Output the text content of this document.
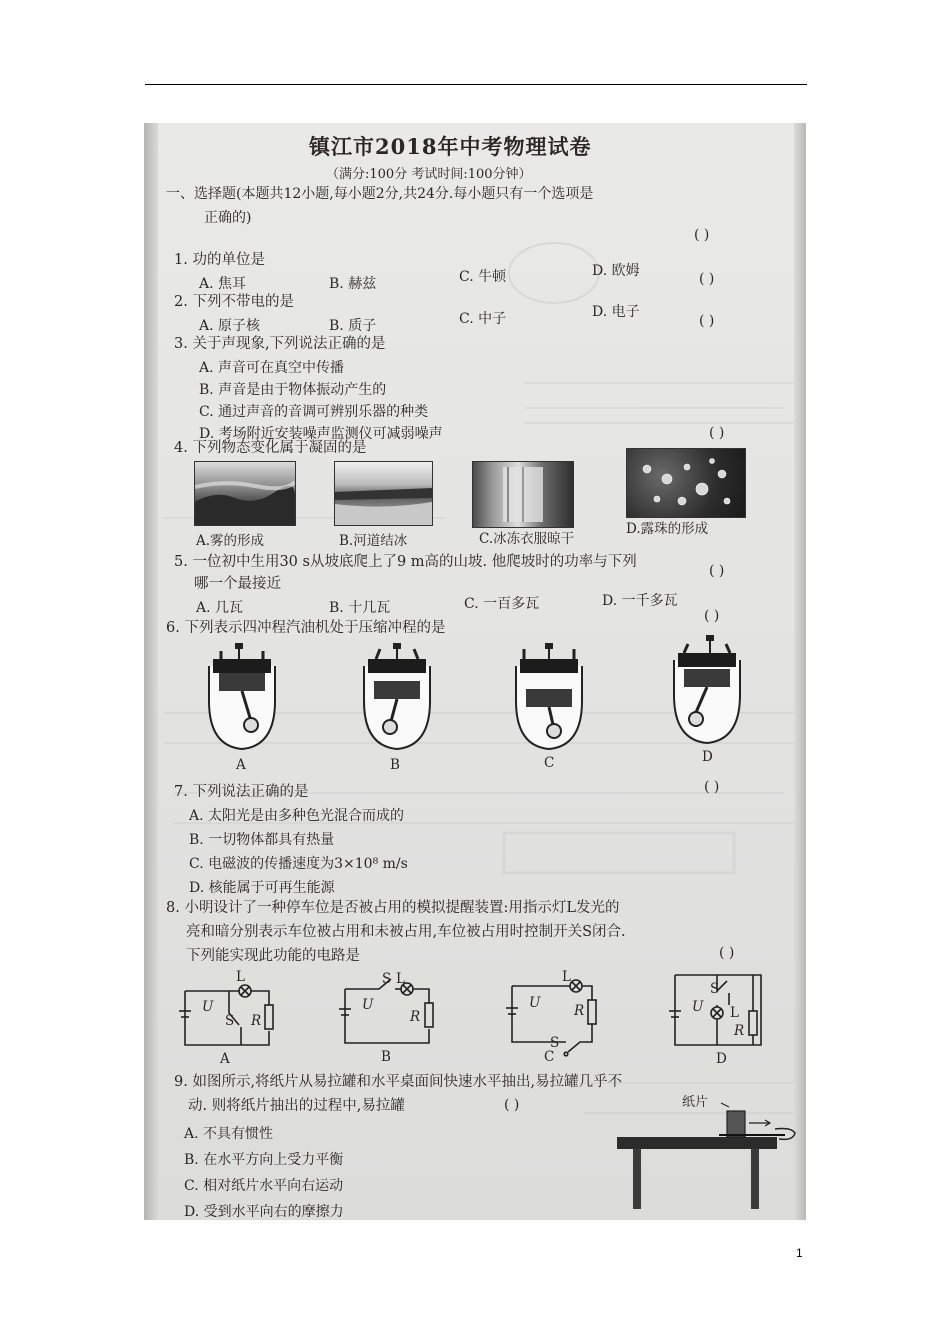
镇江市2018年中考物理试卷
（满分:100分 考试时间:100分钟）
一、选择题(本题共12小题,每小题2分,共24分.每小题只有一个选项是
正确的)
( )
1. 功的单位是
A. 焦耳	B. 赫兹	C. 牛顿	D. 欧姆	( )
2. 下列不带电的是
A. 原子核	B. 质子	C. 中子	D. 电子
( )
3. 关于声现象,下列说法正确的是
A. 声音可在真空中传播
B. 声音是由于物体振动产生的
C. 通过声音的音调可辨别乐器的种类
D. 考场附近安装噪声监测仪可减弱噪声	( )
4. 下列物态变化属于凝固的是
A.雾的形成	B.河道结冰	C.冰冻衣服晾干
D.露珠的形成
5. 一位初中生用30 s从坡底爬上了9 m高的山坡. 他爬坡时的功率与下列
哪一个最接近
( )
A. 几瓦	B. 十几瓦	C. 一百多瓦	D. 一千多瓦
6. 下列表示四冲程汽油机处于压缩冲程的是
( )
A	B	C	D
7. 下列说法正确的是	( )
A. 太阳光是由多种色光混合而成的
B. 一切物体都具有热量
C. 电磁波的传播速度为3×10⁸ m/s
D. 核能属于可再生能源
8. 小明设计了一种停车位是否被占用的模拟提醒装置:用指示灯L发光的
亮和暗分别表示车位被占用和未被占用,车位被占用时控制开关S闭合.
下列能实现此功能的电路是	( )
U
L
S R
A
U
S L
R
B
U
L
R
S
C
U
S
L
R
D
9. 如图所示,将纸片从易拉罐和水平桌面间快速水平抽出,易拉罐几乎不
动. 则将纸片抽出的过程中,易拉罐	( )
A. 不具有惯性
B. 在水平方向上受力平衡
C. 相对纸片水平向右运动
D. 受到水平向右的摩擦力
纸片
1
